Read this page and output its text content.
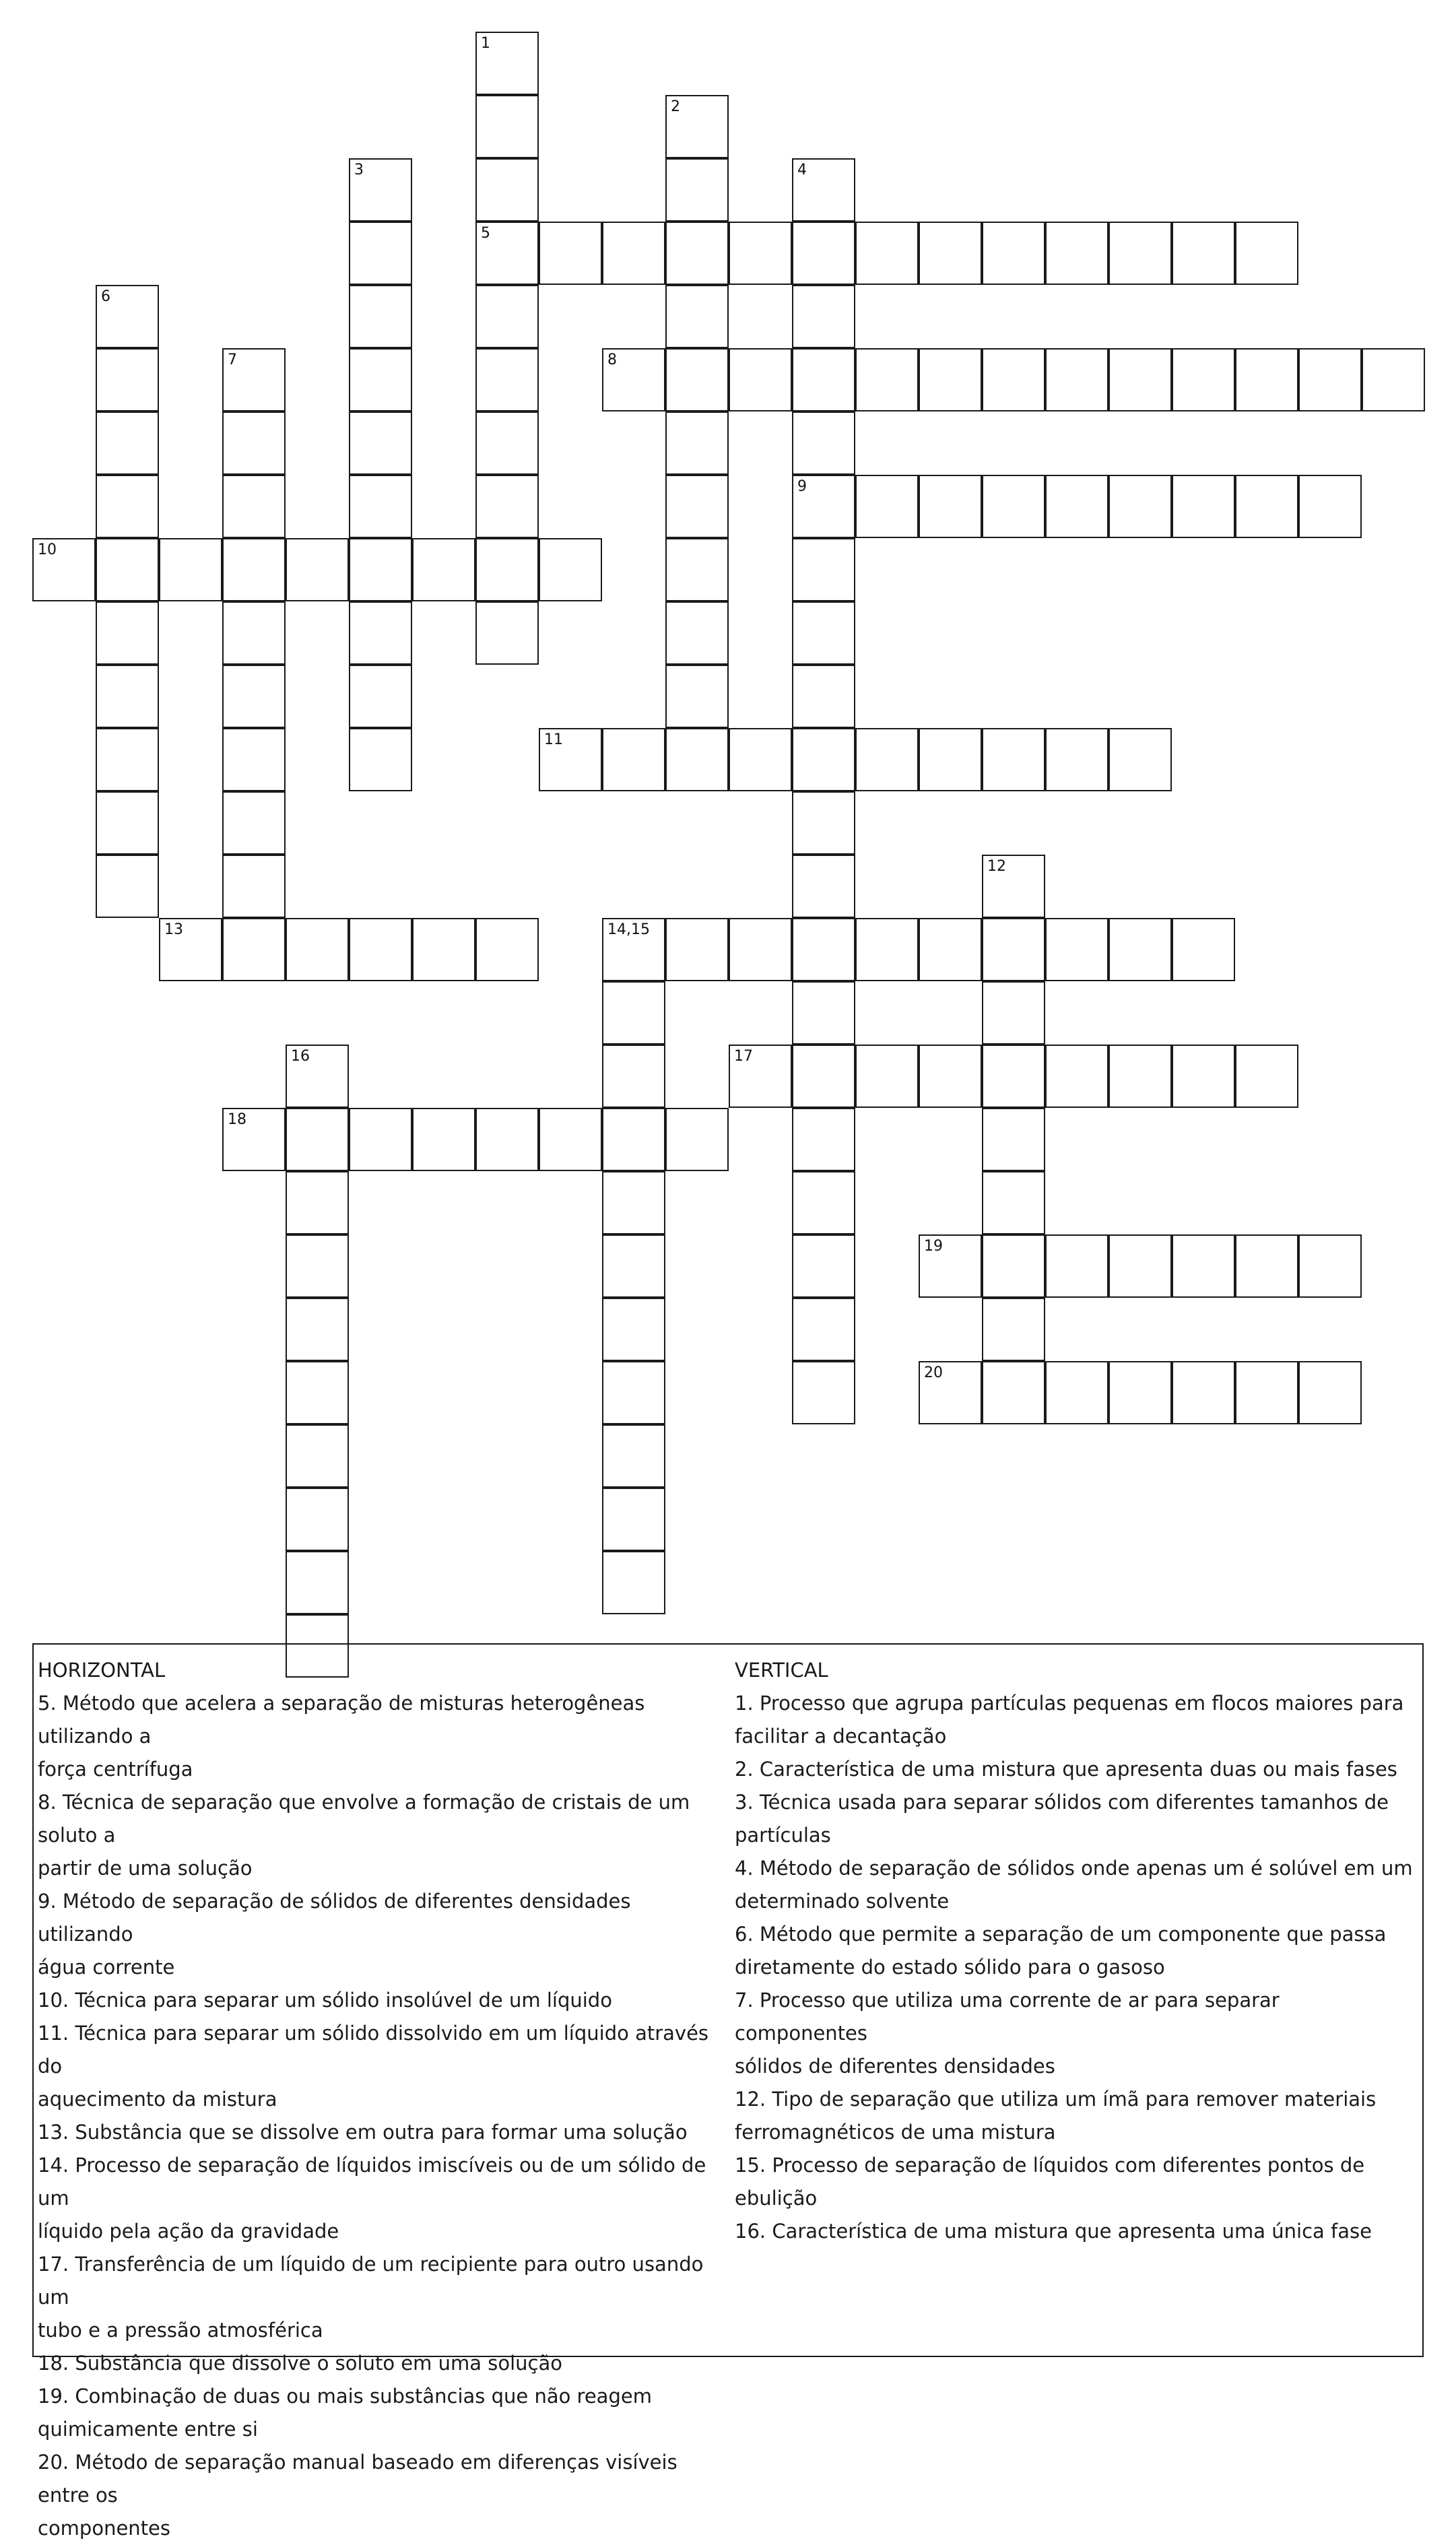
1
5
2
3	4
9
6
7	8
10
11
12
13	14,15
16	17
18
19
20
HORIZONTAL
5. Método que acelera a separação de misturas heterogêneas utilizando a
força centrífuga
8. Técnica de separação que envolve a formação de cristais de um soluto a
partir de uma solução
9. Método de separação de sólidos de diferentes densidades utilizando
água corrente
10. Técnica para separar um sólido insolúvel de um líquido
11. Técnica para separar um sólido dissolvido em um líquido através do
aquecimento da mistura
13. Substância que se dissolve em outra para formar uma solução
14. Processo de separação de líquidos imiscíveis ou de um sólido de um
líquido pela ação da gravidade
17. Transferência de um líquido de um recipiente para outro usando um
tubo e a pressão atmosférica
18. Substância que dissolve o soluto em uma solução
19. Combinação de duas ou mais substâncias que não reagem
quimicamente entre si
20. Método de separação manual baseado em diferenças visíveis entre os
componentes
VERTICAL
1. Processo que agrupa partículas pequenas em flocos maiores para
facilitar a decantação
2. Característica de uma mistura que apresenta duas ou mais fases
3. Técnica usada para separar sólidos com diferentes tamanhos de
partículas
4. Método de separação de sólidos onde apenas um é solúvel em um
determinado solvente
6. Método que permite a separação de um componente que passa
diretamente do estado sólido para o gasoso
7. Processo que utiliza uma corrente de ar para separar componentes
sólidos de diferentes densidades
12. Tipo de separação que utiliza um ímã para remover materiais
ferromagnéticos de uma mistura
15. Processo de separação de líquidos com diferentes pontos de ebulição
16. Característica de uma mistura que apresenta uma única fase
